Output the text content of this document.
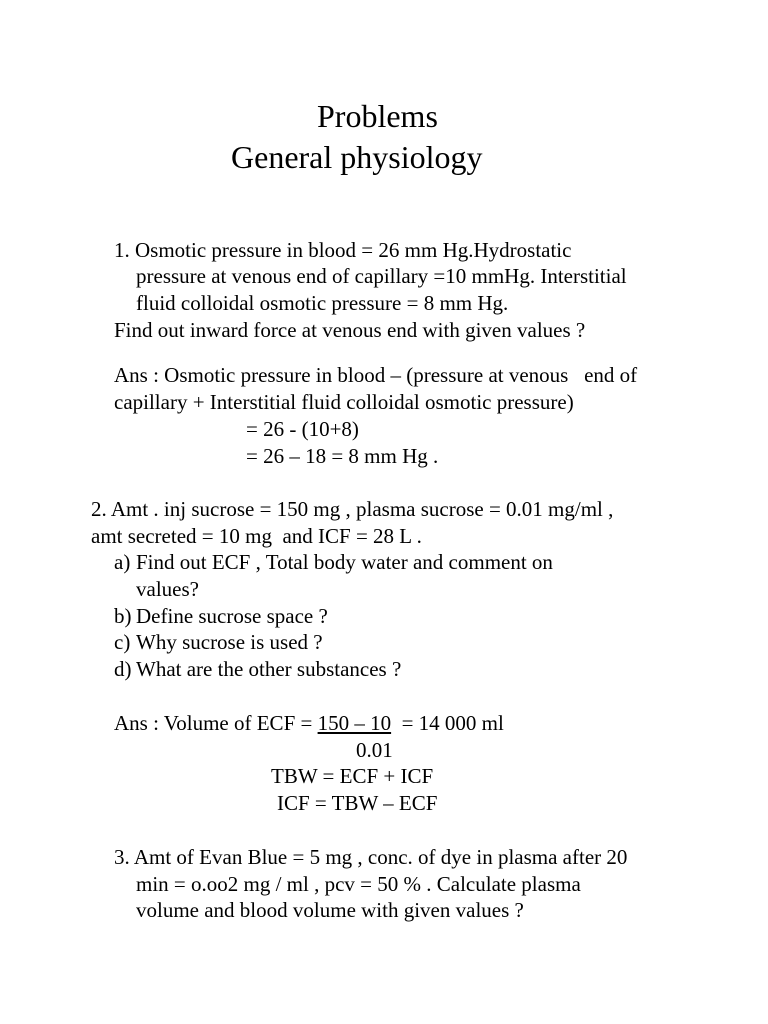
Problems
General physiology
1. Osmotic pressure in blood = 26 mm Hg.Hydrostatic
pressure at venous end of capillary =10 mmHg. Interstitial
fluid colloidal osmotic pressure = 8 mm Hg.
Find out inward force at venous end with given values ?
Ans : Osmotic pressure in blood – (pressure at venous   end of
capillary + Interstitial fluid colloidal osmotic pressure)
= 26 - (10+8)
= 26 – 18 = 8 mm Hg .
2. Amt . inj sucrose = 150 mg , plasma sucrose = 0.01 mg/ml ,
amt secreted = 10 mg  and ICF = 28 L .
a) Find out ECF , Total body water and comment on
values?
b) Define sucrose space ?
c) Why sucrose is used ?
d) What are the other substances ?
Ans : Volume of ECF = 150 – 10  = 14 000 ml
0.01
TBW = ECF + ICF
ICF = TBW – ECF
3. Amt of Evan Blue = 5 mg , conc. of dye in plasma after 20
min = o.oo2 mg / ml , pcv = 50 % . Calculate plasma
volume and blood volume with given values ?
